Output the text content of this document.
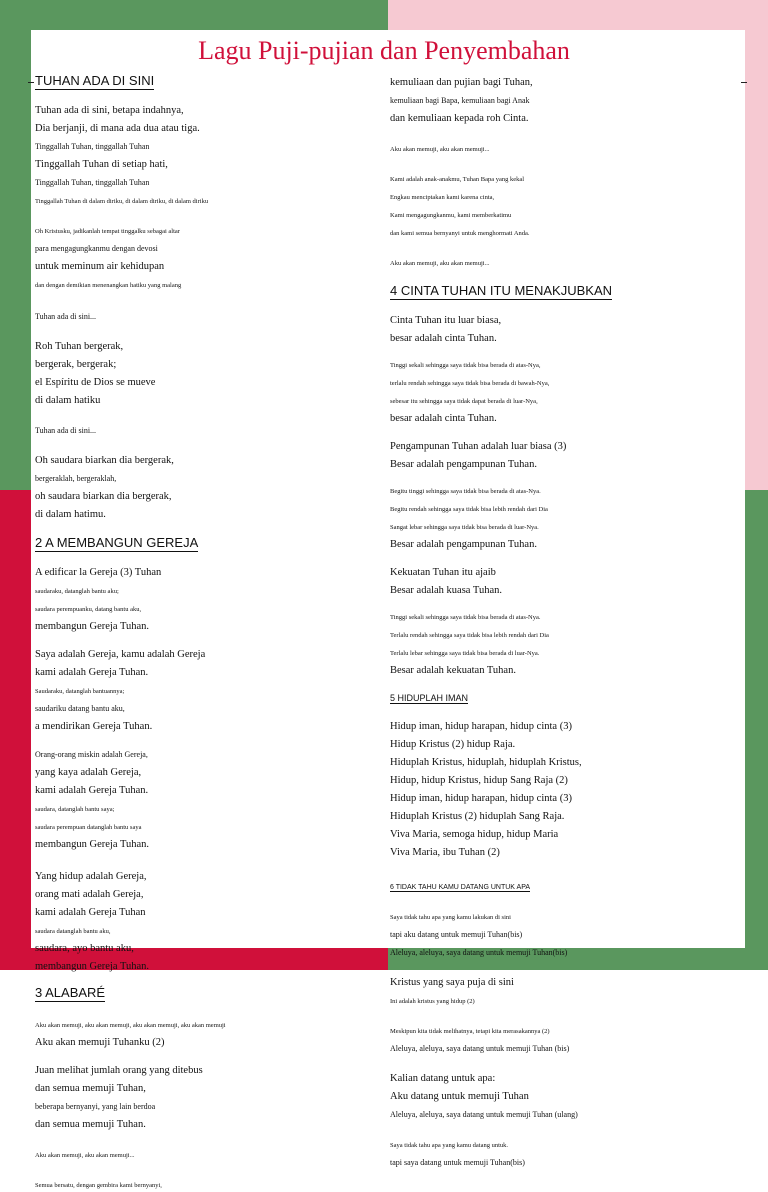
Lagu Puji-pujian dan Penyembahan
TUHAN ADA DI SINI
Tuhan ada di sini, betapa indahnya,
Dia berjanji, di mana ada dua atau tiga.
Tinggallah Tuhan, tinggallah Tuhan
Tinggallah Tuhan di setiap hati,
Tinggallah Tuhan, tinggallah Tuhan
Tinggallah Tuhan di dalam diriku, di dalam diriku, di dalam diriku
Oh Kristusku, jadikanlah tempat tinggalku sebagai altar
para mengagungkanmu dengan devosi
untuk meminum air kehidupan
dan dengan demikian menenangkan hatiku yang malang
Tuhan ada di sini...
Roh Tuhan bergerak,
bergerak, bergerak;
el Espíritu de Dios se mueve
di dalam hatiku
Tuhan ada di sini...
Oh saudara biarkan dia bergerak,
bergeraklah, bergeraklah,
oh saudara biarkan dia bergerak,
di dalam hatimu.
2 A MEMBANGUN GEREJA
A edificar la Gereja (3) Tuhan
saudaraku, datanglah bantu aku;
saudara perempuanku, datang bantu aku,
membangun Gereja Tuhan.
Saya adalah Gereja, kamu adalah Gereja
kami adalah Gereja Tuhan.
Saudaraku, datanglah bantuannya;
saudariku datang bantu aku,
a mendirikan Gereja Tuhan.
Orang-orang miskin adalah Gereja,
yang kaya adalah Gereja,
kami adalah Gereja Tuhan.
saudara, datanglah bantu saya;
saudara perempuan datanglah bantu saya
membangun Gereja Tuhan.
Yang hidup adalah Gereja,
orang mati adalah Gereja,
kami adalah Gereja Tuhan
saudara datanglah bantu aku,
saudara, ayo bantu aku,
membangun Gereja Tuhan.
3 ALABARÉ
Aku akan memuji, aku akan memuji, aku akan memuji, aku akan memuji
Aku akan memuji Tuhanku (2)
Juan melihat jumlah orang yang ditebus
dan semua memuji Tuhan,
beberapa bernyanyi, yang lain berdoa
dan semua memuji Tuhan.
Aku akan memuji, aku akan memuji...
Semua bersatu, dengan gembira kami bernyanyi,
kemuliaan dan pujian bagi Tuhan,
kemuliaan bagi Bapa, kemuliaan bagi Anak
dan kemuliaan kepada roh Cinta.
Aku akan memuji, aku akan memuji...
Kami adalah anak-anakmu, Tuhan Bapa yang kekal
Engkau menciptakan kami karena cinta,
Kami mengagungkanmu, kami memberkatimu
dan kami semua bernyanyi untuk menghormati Anda.
Aku akan memuji, aku akan memuji...
4 CINTA TUHAN ITU MENAKJUBKAN
Cinta Tuhan itu luar biasa,
besar adalah cinta Tuhan.
Tinggi sekali sehingga saya tidak bisa berada di atas-Nya,
terlalu rendah sehingga saya tidak bisa berada di bawah-Nya,
sebesar itu sehingga saya tidak dapat berada di luar-Nya,
besar adalah cinta Tuhan.
Pengampunan Tuhan adalah luar biasa (3)
Besar adalah pengampunan Tuhan.
Begitu tinggi sehingga saya tidak bisa berada di atas-Nya.
Begitu rendah sehingga saya tidak bisa lebih rendah dari Dia
Sangat lebar sehingga saya tidak bisa berada di luar-Nya.
Besar adalah pengampunan Tuhan.
Kekuatan Tuhan itu ajaib
Besar adalah kuasa Tuhan.
Tinggi sekali sehingga saya tidak bisa berada di atas-Nya.
Terlalu rendah sehingga saya tidak bisa lebih rendah dari Dia
Terlalu lebar sehingga saya tidak bisa berada di luar-Nya.
Besar adalah kekuatan Tuhan.
5 HIDUPLAH IMAN
Hidup iman, hidup harapan, hidup cinta (3)
Hidup Kristus (2) hidup Raja.
Hiduplah Kristus, hiduplah, hiduplah Kristus,
Hidup, hidup Kristus, hidup Sang Raja (2)
Hidup iman, hidup harapan, hidup cinta (3)
Hiduplah Kristus (2) hiduplah Sang Raja.
Viva Maria, semoga hidup, hidup Maria
Viva Maria, ibu Tuhan (2)
6 TIDAK TAHU KAMU DATANG UNTUK APA
Saya tidak tahu apa yang kamu lakukan di sini
tapi aku datang untuk memuji Tuhan(bis)
Aleluya, aleluya, saya datang untuk memuji Tuhan(bis)
Kristus yang saya puja di sini
Ini adalah kristus yang hidup (2)
Meskipun kita tidak melihatnya, tetapi kita merasakannya (2)
Aleluya, aleluya, saya datang untuk memuji Tuhan (bis)
Kalian datang untuk apa:
Aku datang untuk memuji Tuhan
Aleluya, aleluya, saya datang untuk memuji Tuhan (ulang)
Saya tidak tahu apa yang kamu datang untuk.
tapi saya datang untuk memuji Tuhan(bis)
